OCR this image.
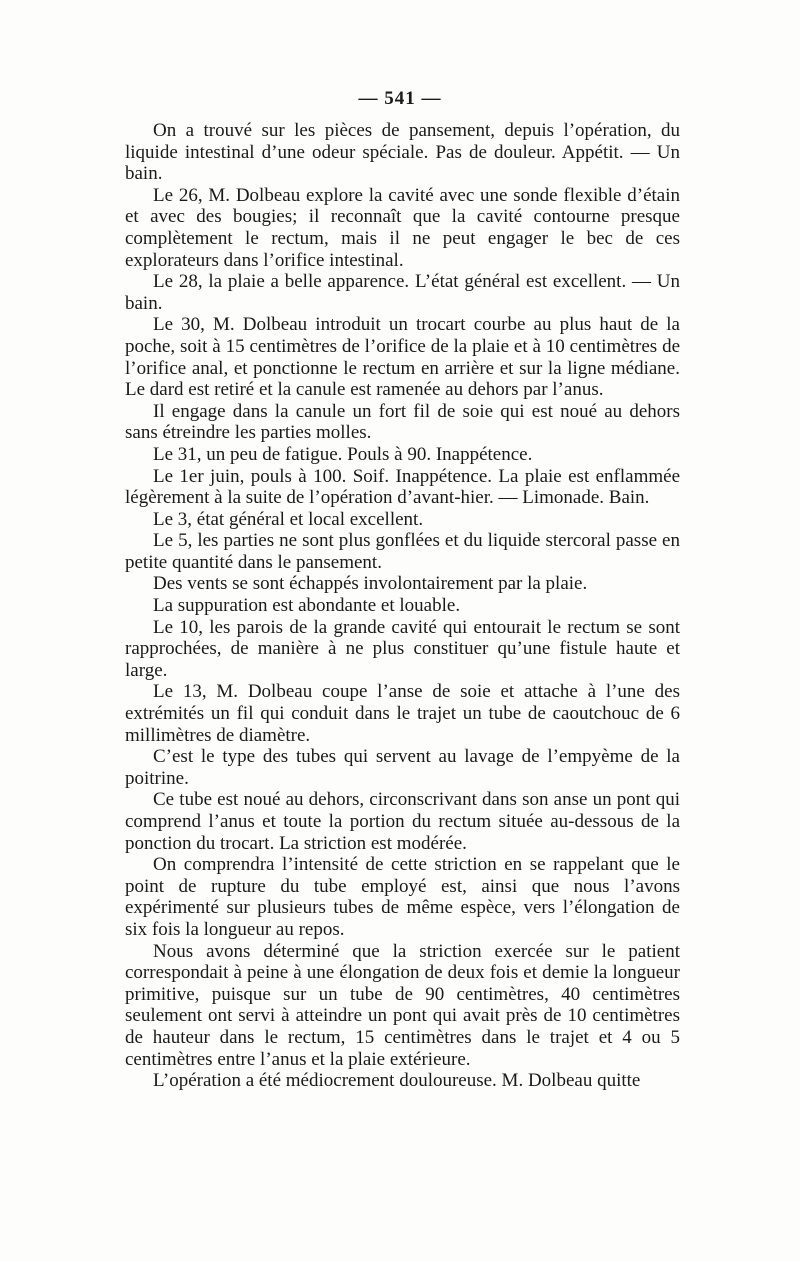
— 541 —

On a trouvé sur les pièces de pansement, depuis l’opération, du liquide intestinal d’une odeur spéciale. Pas de douleur. Appétit. — Un bain.

Le 26, M. Dolbeau explore la cavité avec une sonde flexible d’étain et avec des bougies; il reconnaît que la cavité contourne presque complètement le rectum, mais il ne peut engager le bec de ces explorateurs dans l’orifice intestinal.

Le 28, la plaie a belle apparence. L’état général est excellent. — Un bain.

Le 30, M. Dolbeau introduit un trocart courbe au plus haut de la poche, soit à 15 centimètres de l’orifice de la plaie et à 10 centimètres de l’orifice anal, et ponctionne le rectum en arrière et sur la ligne médiane. Le dard est retiré et la canule est ramenée au dehors par l’anus.

Il engage dans la canule un fort fil de soie qui est noué au dehors sans étreindre les parties molles.

Le 31, un peu de fatigue. Pouls à 90. Inappétence.

Le 1er juin, pouls à 100. Soif. Inappétence. La plaie est enflammée légèrement à la suite de l’opération d’avant-hier. — Limonade. Bain.

Le 3, état général et local excellent.

Le 5, les parties ne sont plus gonflées et du liquide stercoral passe en petite quantité dans le pansement.

Des vents se sont échappés involontairement par la plaie.

La suppuration est abondante et louable.

Le 10, les parois de la grande cavité qui entourait le rectum se sont rapprochées, de manière à ne plus constituer qu’une fistule haute et large.

Le 13, M. Dolbeau coupe l’anse de soie et attache à l’une des extrémités un fil qui conduit dans le trajet un tube de caoutchouc de 6 millimètres de diamètre.

C’est le type des tubes qui servent au lavage de l’empyème de la poitrine.

Ce tube est noué au dehors, circonscrivant dans son anse un pont qui comprend l’anus et toute la portion du rectum située au-dessous de la ponction du trocart. La striction est modérée.

On comprendra l’intensité de cette striction en se rappelant que le point de rupture du tube employé est, ainsi que nous l’avons expérimenté sur plusieurs tubes de même espèce, vers l’élongation de six fois la longueur au repos.

Nous avons déterminé que la striction exercée sur le patient correspondait à peine à une élongation de deux fois et demie la longueur primitive, puisque sur un tube de 90 centimètres, 40 centimètres seulement ont servi à atteindre un pont qui avait près de 10 centimètres de hauteur dans le rectum, 15 centimètres dans le trajet et 4 ou 5 centimètres entre l’anus et la plaie extérieure.

L’opération a été médiocrement douloureuse. M. Dolbeau quitte
